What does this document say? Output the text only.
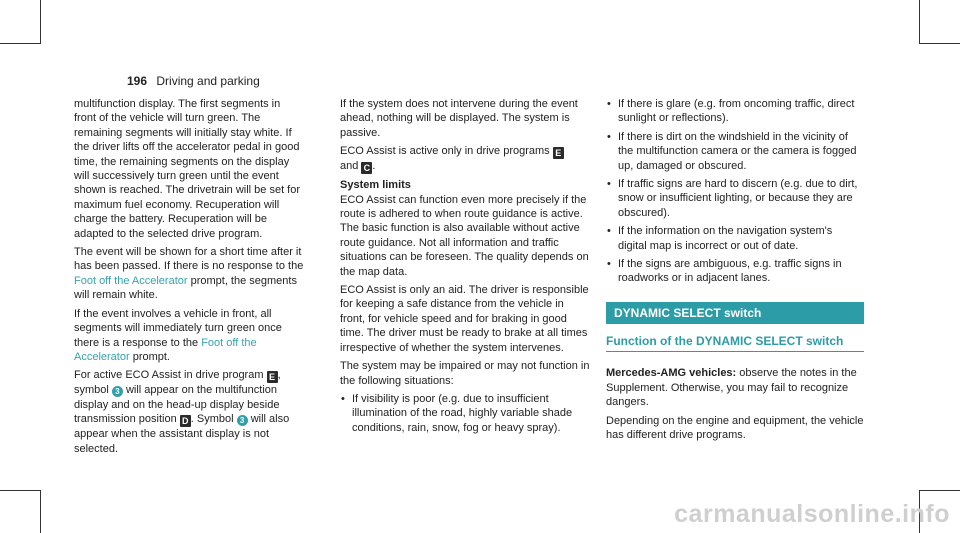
196 Driving and parking

multifunction display. The first segments in front of the vehicle will turn green. The remaining segments will initially stay white. If the driver lifts off the accelerator pedal in good time, the remaining segments on the display will successively turn green until the event shown is reached. The drivetrain will be set for maximum fuel economy. Recuperation will charge the battery. Recuperation will be adapted to the selected drive program.

The event will be shown for a short time after it has been passed. If there is no response to the Foot off the Accelerator prompt, the segments will remain white.

If the event involves a vehicle in front, all segments will immediately turn green once there is a response to the Foot off the Accelerator prompt.

For active ECO Assist in drive program E , symbol 3 will appear on the multifunction display and on the head-up display beside transmission position D . Symbol 3 will also appear when the assistant display is not selected.

If the system does not intervene during the event ahead, nothing will be displayed. The system is passive.

ECO Assist is active only in drive programs E
and C .

System limits

ECO Assist can function even more precisely if the route is adhered to when route guidance is active. The basic function is also available without active route guidance. Not all information and traffic situations can be foreseen. The quality depends on the map data.

ECO Assist is only an aid. The driver is responsible for keeping a safe distance from the vehicle in front, for vehicle speed and for braking in good time. The driver must be ready to brake at all times irrespective of whether the system intervenes.

The system may be impaired or may not function in the following situations:

• If visibility is poor (e.g. due to insufficient illumination of the road, highly variable shade conditions, rain, snow, fog or heavy spray).
• If there is glare (e.g. from oncoming traffic, direct sunlight or reflections).
• If there is dirt on the windshield in the vicinity of the multifunction camera or the camera is fogged up, damaged or obscured.
• If traffic signs are hard to discern (e.g. due to dirt, snow or insufficient lighting, or because they are obscured).
• If the information on the navigation system's digital map is incorrect or out of date.
• If the signs are ambiguous, e.g. traffic signs in roadworks or in adjacent lanes.
DYNAMIC SELECT switch
Function of the DYNAMIC SELECT switch

Mercedes-AMG vehicles: observe the notes in the Supplement. Otherwise, you may fail to recognize dangers.

Depending on the engine and equipment, the vehicle has different drive programs.

carmanualsonline.info
